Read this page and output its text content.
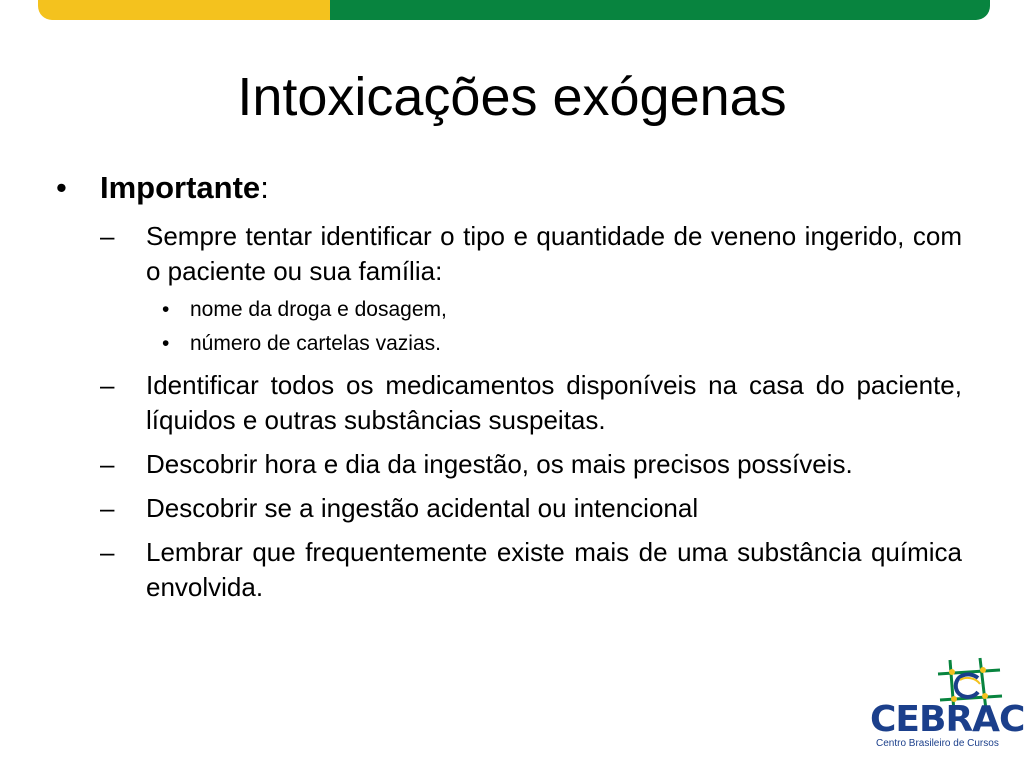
Intoxicações exógenas
• Importante:
– Sempre tentar identificar o tipo e quantidade de veneno ingerido, com o paciente ou sua família:
• nome da droga e dosagem,
• número de cartelas vazias.
– Identificar todos os medicamentos disponíveis na casa do paciente, líquidos e outras substâncias suspeitas.
– Descobrir hora e dia da ingestão, os mais precisos possíveis.
– Descobrir se a ingestão acidental ou intencional
– Lembrar que frequentemente existe mais de uma substância química envolvida.
CEBRAC
Centro Brasileiro de Cursos
